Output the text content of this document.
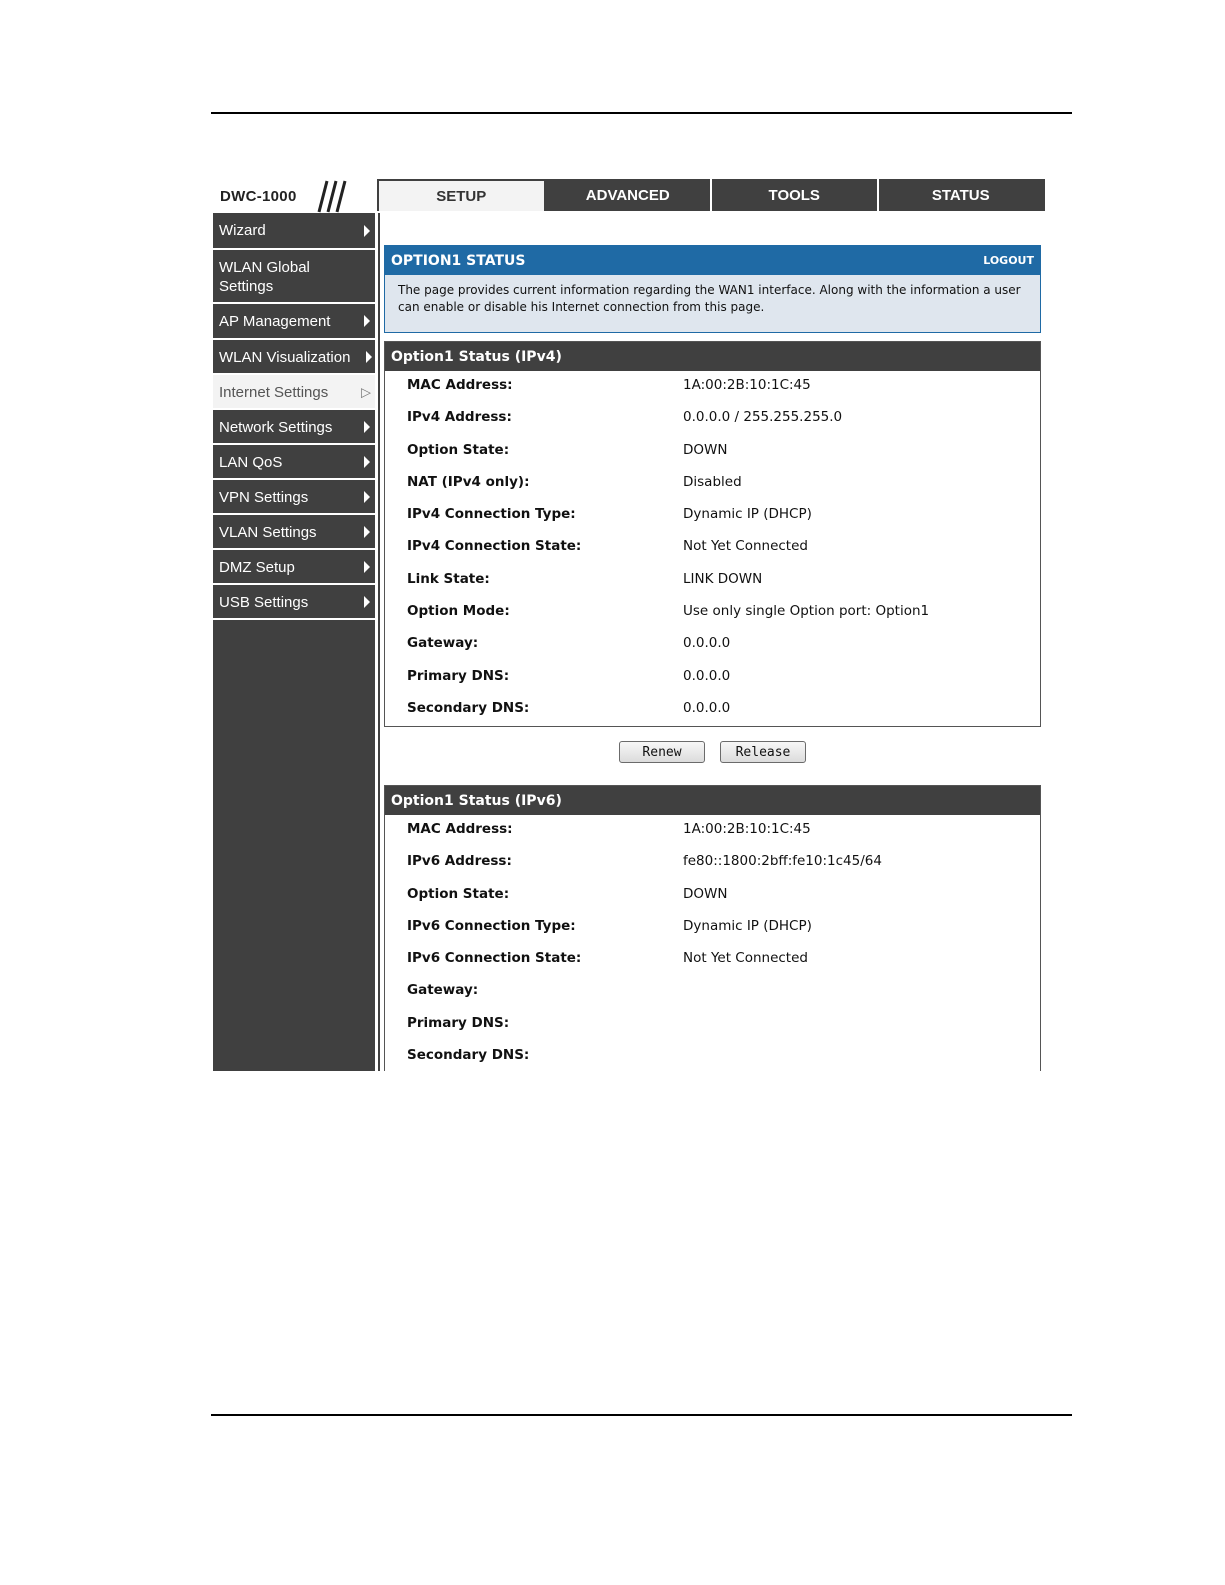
DWC-1000	SETUP	ADVANCED	TOOLS	STATUS
Wizard
WLAN Global Settings
AP Management
WLAN Visualization
Internet Settings	▷
Network Settings
LAN QoS
VPN Settings
VLAN Settings
DMZ Setup
USB Settings
OPTION1 STATUS	LOGOUT
The page provides current information regarding the WAN1 interface. Along with the information a user can enable or disable his Internet connection from this page.
Option1 Status (IPv4)
MAC Address:	1A:00:2B:10:1C:45
IPv4 Address:	0.0.0.0 / 255.255.255.0
Option State:	DOWN
NAT (IPv4 only):	Disabled
IPv4 Connection Type:	Dynamic IP (DHCP)
IPv4 Connection State:	Not Yet Connected
Link State:	LINK DOWN
Option Mode:	Use only single Option port: Option1
Gateway:	0.0.0.0
Primary DNS:	0.0.0.0
Secondary DNS:	0.0.0.0
Renew	Release
Option1 Status (IPv6)
MAC Address:	1A:00:2B:10:1C:45
IPv6 Address:	fe80::1800:2bff:fe10:1c45/64
Option State:	DOWN
IPv6 Connection Type:	Dynamic IP (DHCP)
IPv6 Connection State:	Not Yet Connected
Gateway:
Primary DNS:
Secondary DNS:
